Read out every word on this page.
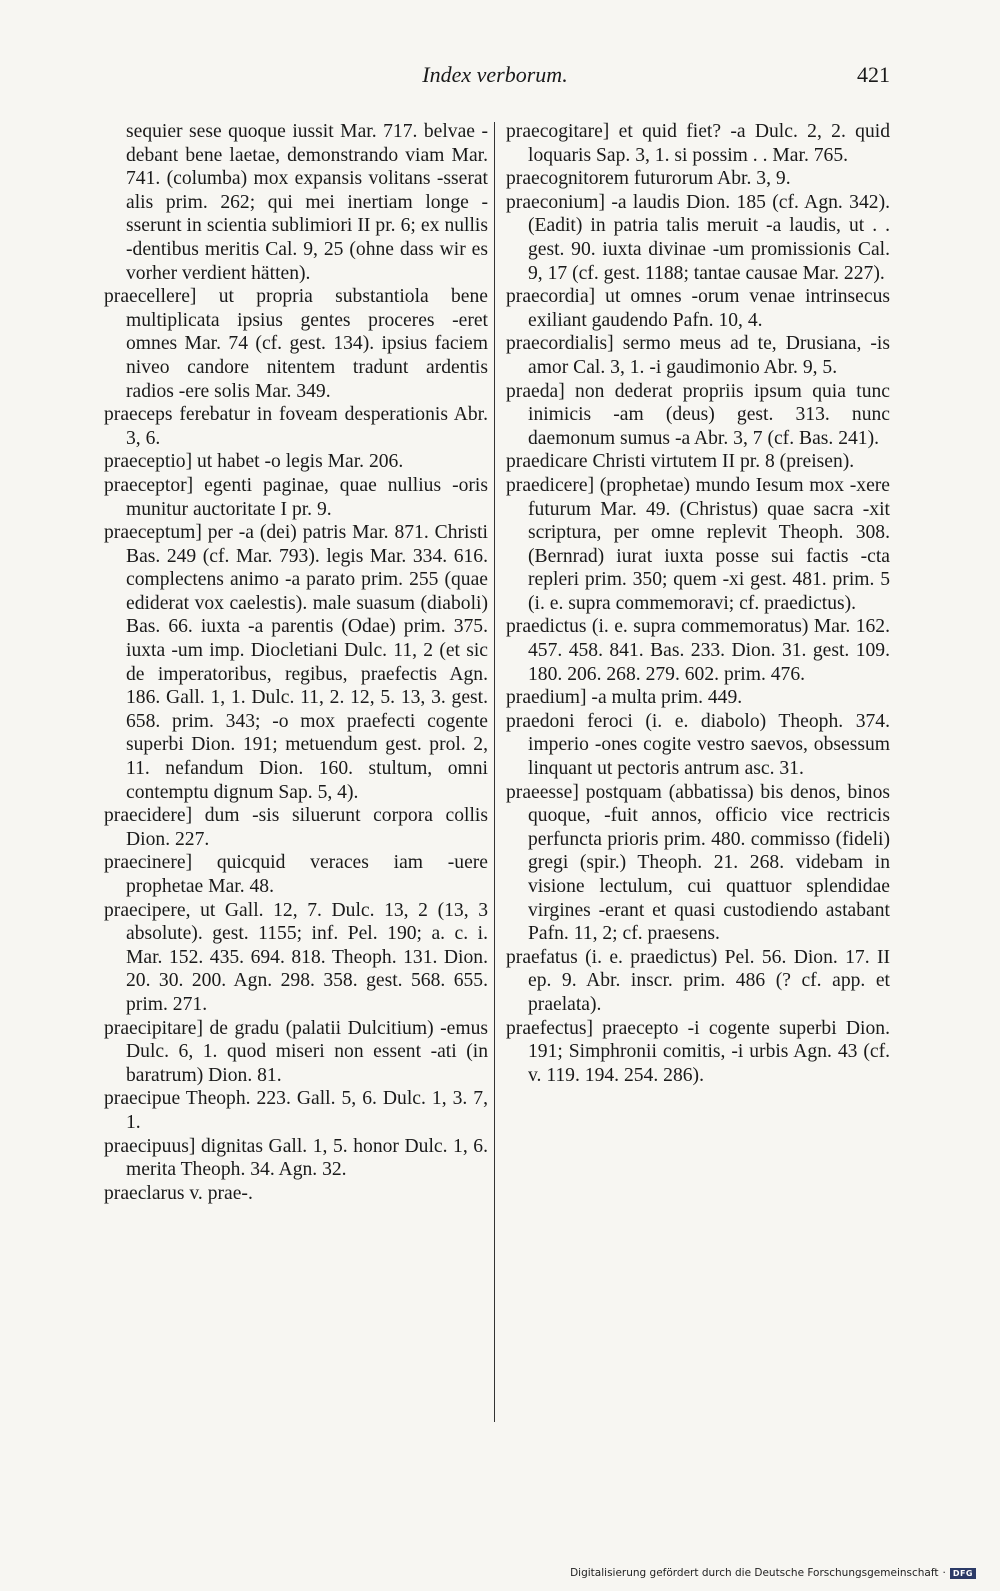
Index verborum.	421

sequier sese quoque iussit Mar. 717. belvae -debant bene laetae, demonstrando viam Mar. 741. (columba) mox expansis volitans -sserat alis prim. 262; qui mei inertiam longe -sserunt in scientia sublimiori II pr. 6; ex nullis -dentibus meritis Cal. 9, 25 (ohne dass wir es vorher verdient hätten).

praecellere] ut propria substantiola bene multiplicata ipsius gentes proceres -eret omnes Mar. 74 (cf. gest. 134). ipsius faciem niveo candore nitentem tradunt ardentis radios -ere solis Mar. 349.

praeceps ferebatur in foveam desperationis Abr. 3, 6.

praeceptio] ut habet -o legis Mar. 206.

praeceptor] egenti paginae, quae nullius -oris munitur auctoritate I pr. 9.

praeceptum] per -a (dei) patris Mar. 871. Christi Bas. 249 (cf. Mar. 793). legis Mar. 334. 616. complectens animo -a parato prim. 255 (quae ediderat vox caelestis). male suasum (diaboli) Bas. 66. iuxta -a parentis (Odae) prim. 375. iuxta -um imp. Diocletiani Dulc. 11, 2 (et sic de imperatoribus, regibus, praefectis Agn. 186. Gall. 1, 1. Dulc. 11, 2. 12, 5. 13, 3. gest. 658. prim. 343; -o mox praefecti cogente superbi Dion. 191; metuendum gest. prol. 2, 11. nefandum Dion. 160. stultum, omni contemptu dignum Sap. 5, 4).

praecidere] dum -sis siluerunt corpora collis Dion. 227.

praecinere] quicquid veraces iam -uere prophetae Mar. 48.

praecipere, ut Gall. 12, 7. Dulc. 13, 2 (13, 3 absolute). gest. 1155; inf. Pel. 190; a. c. i. Mar. 152. 435. 694. 818. Theoph. 131. Dion. 20. 30. 200. Agn. 298. 358. gest. 568. 655. prim. 271.

praecipitare] de gradu (palatii Dulcitium) -emus Dulc. 6, 1. quod miseri non essent -ati (in baratrum) Dion. 81.

praecipue Theoph. 223. Gall. 5, 6. Dulc. 1, 3. 7, 1.

praecipuus] dignitas Gall. 1, 5. honor Dulc. 1, 6. merita Theoph. 34. Agn. 32.

praeclarus v. prae-.

praecogitare] et quid fiet? -a Dulc. 2, 2. quid loquaris Sap. 3, 1. si possim . . Mar. 765.

praecognitorem futurorum Abr. 3, 9.

praeconium] -a laudis Dion. 185 (cf. Agn. 342). (Eadit) in patria talis meruit -a laudis, ut . . gest. 90. iuxta divinae -um promissionis Cal. 9, 17 (cf. gest. 1188; tantae causae Mar. 227).

praecordia] ut omnes -orum venae intrinsecus exiliant gaudendo Pafn. 10, 4.

praecordialis] sermo meus ad te, Drusiana, -is amor Cal. 3, 1. -i gaudimonio Abr. 9, 5.

praeda] non dederat propriis ipsum quia tunc inimicis -am (deus) gest. 313. nunc daemonum sumus -a Abr. 3, 7 (cf. Bas. 241).

praedicare Christi virtutem II pr. 8 (preisen).

praedicere] (prophetae) mundo Iesum mox -xere futurum Mar. 49. (Christus) quae sacra -xit scriptura, per omne replevit Theoph. 308. (Bernrad) iurat iuxta posse sui factis -cta repleri prim. 350; quem -xi gest. 481. prim. 5 (i. e. supra commemoravi; cf. praedictus).

praedictus (i. e. supra commemoratus) Mar. 162. 457. 458. 841. Bas. 233. Dion. 31. gest. 109. 180. 206. 268. 279. 602. prim. 476.

praedium] -a multa prim. 449.

praedoni feroci (i. e. diabolo) Theoph. 374. imperio -ones cogite vestro saevos, obsessum linquant ut pectoris antrum asc. 31.

praeesse] postquam (abbatissa) bis denos, binos quoque, -fuit annos, officio vice rectricis perfuncta prioris prim. 480. commisso (fideli) gregi (spir.) Theoph. 21. 268. videbam in visione lectulum, cui quattuor splendidae virgines -erant et quasi custodiendo astabant Pafn. 11, 2; cf. praesens.

praefatus (i. e. praedictus) Pel. 56. Dion. 17. II ep. 9. Abr. inscr. prim. 486 (? cf. app. et praelata).

praefectus] praecepto -i cogente superbi Dion. 191; Simphronii comitis, -i urbis Agn. 43 (cf. v. 119. 194. 254. 286).

Digitalisierung gefördert durch die Deutsche Forschungsgemeinschaft · DFG
